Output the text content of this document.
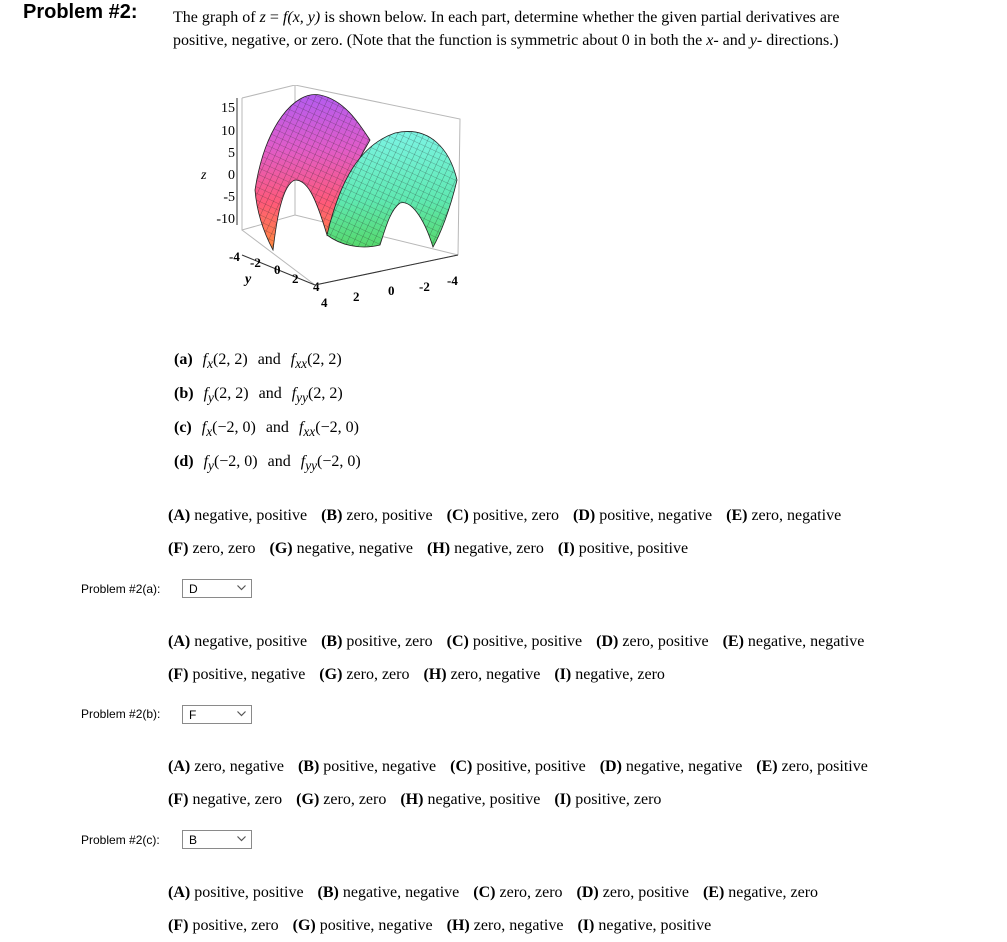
Problem #2: The graph of z = f(x, y) is shown below. In each part, determine whether the given partial derivatives are
positive, negative, or zero. (Note that the function is symmetric about 0 in both the x- and y- directions.)
15
10
5
0
-5
-10
z
-4 -2 0
2
4
y
4 2 0 -2 -4
(a) $f_x(2$, 2) and $f_{xx}(2$, 2)
(b) $f_y(2$, 2) and $f_{yy}(2$, 2)
(c) $f_x(-2$, 0) and $f_{xx}(-2$, 0)
(d) $f_y(-2$, 0) and $f_{yy}(-2$, 0)
(A) negative, positive (B) zero, positive (C) positive, zero (D) positive, negative (E) zero, negative
(F) zero, zero (G) negative, negative (H) negative, zero (I) positive, positive
Problem #2(a): D
(A) negative, positive (B) positive, zero (C) positive, positive (D) zero, positive (E) negative, negative
(F) positive, negative (G) zero, zero (H) zero, negative (I) negative, zero
Problem #2(b): F
(A) zero, negative (B) positive, negative (C) positive, positive (D) negative, negative (E) zero, positive
(F) negative, zero (G) zero, zero (H) negative, positive (I) positive, zero
Problem #2(c): B
(A) positive, positive (B) negative, negative (C) zero, zero (D) zero, positive (E) negative, zero
(F) positive, zero (G) positive, negative (H) zero, negative (I) negative, positive
